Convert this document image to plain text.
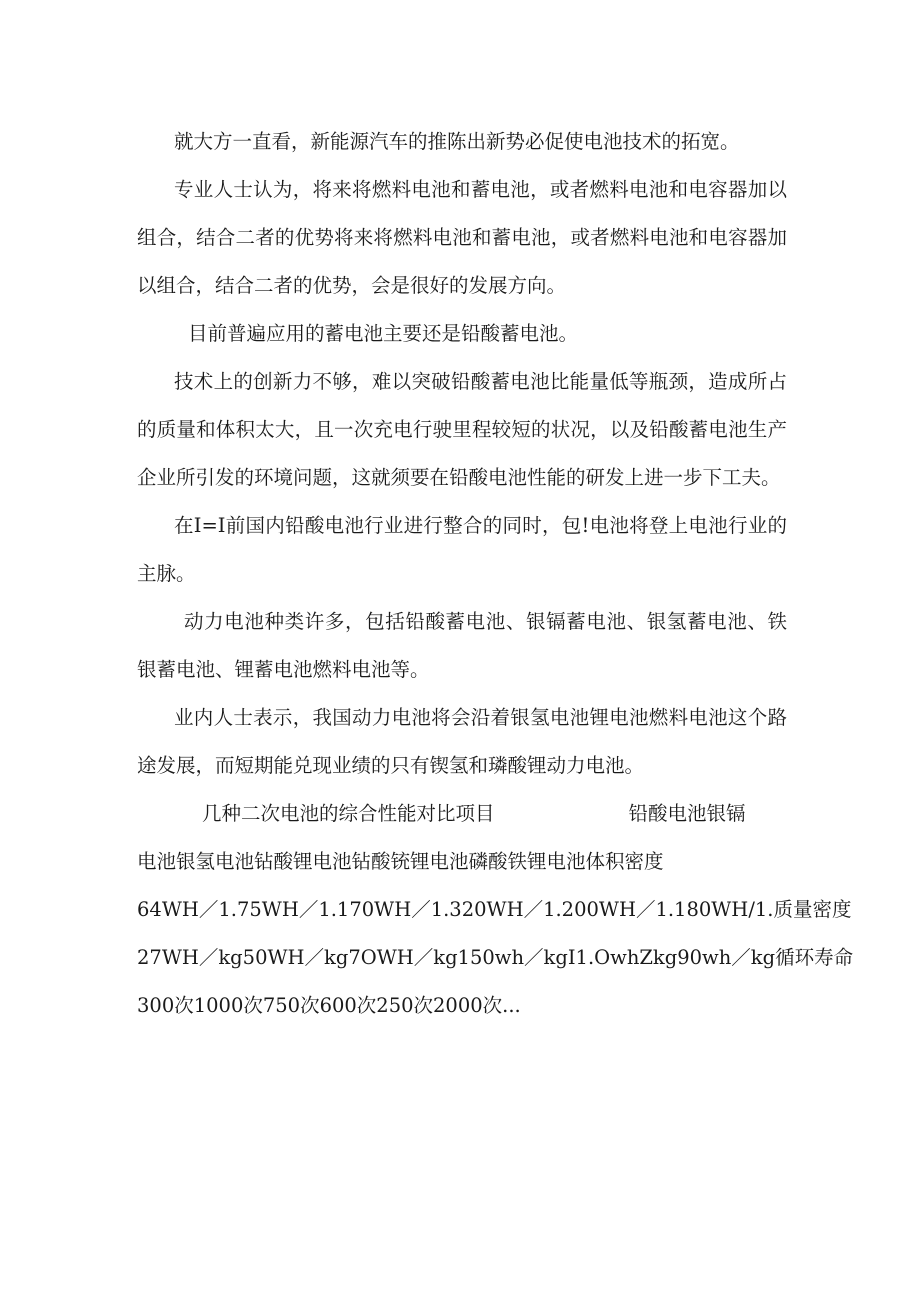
就大方一直看，新能源汽车的推陈出新势必促使电池技术的拓宽。

专业人士认为，将来将燃料电池和蓄电池，或者燃料电池和电容器加以组合，结合二者的优势将来将燃料电池和蓄电池，或者燃料电池和电容器加以组合，结合二者的优势，会是很好的发展方向。

目前普遍应用的蓄电池主要还是铅酸蓄电池。

技术上的创新力不够，难以突破铅酸蓄电池比能量低等瓶颈，造成所占的质量和体积太大，且一次充电行驶里程较短的状况，以及铅酸蓄电池生产企业所引发的环境问题，这就须要在铅酸电池性能的研发上进一步下工夫。

在I=I前国内铅酸电池行业进行整合的同时，包!电池将登上电池行业的主脉。

动力电池种类许多，包括铅酸蓄电池、银镉蓄电池、银氢蓄电池、铁银蓄电池、锂蓄电池燃料电池等。

业内人士表示，我国动力电池将会沿着银氢电池锂电池燃料电池这个路途发展，而短期能兑现业绩的只有锲氢和璘酸锂动力电池。

几种二次电池的综合性能对比项目	铅酸电池银镉

电池银氢电池钻酸锂电池钻酸铳锂电池磷酸铁锂电池体积密度

64WH／1.75WH／1.170WH／1.320WH／1.200WH／1.180WH/1.质量密度

27WH／kg50WH／kg7OWH／kg150wh／kgI1.OwhZkg90wh／kg循环寿命

300次1000次750次600次250次2000次...
